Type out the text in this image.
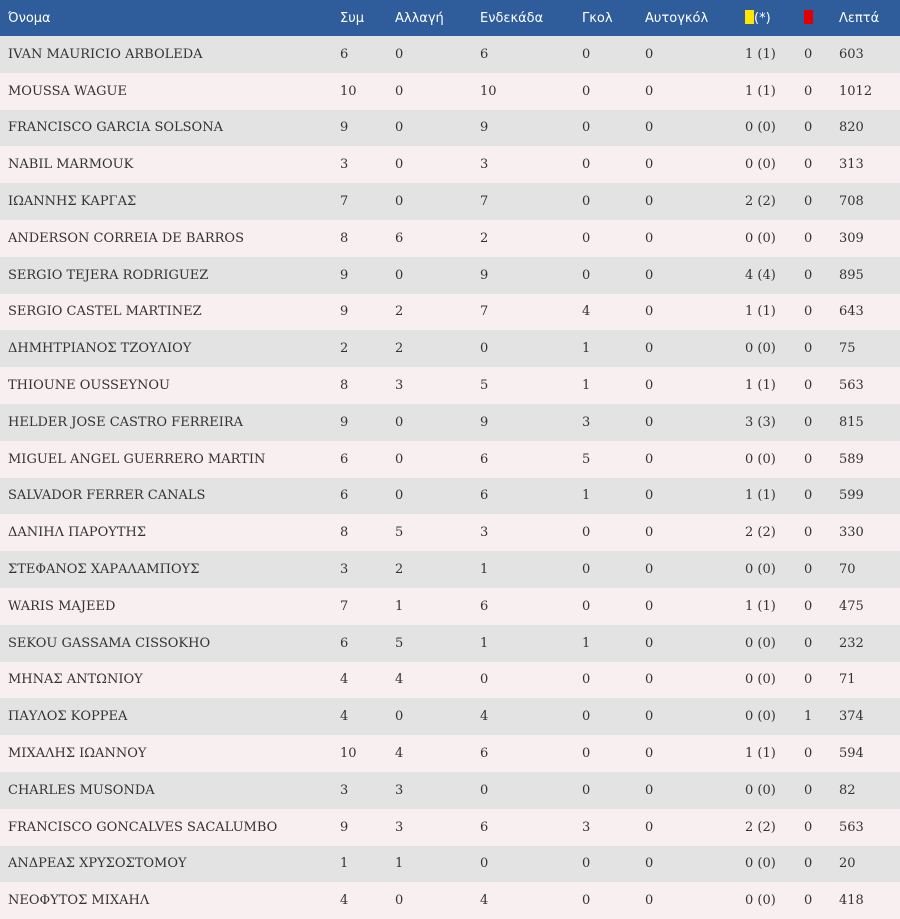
Όνομα	Συμ	Αλλαγή	Ενδεκάδα	Γκολ	Αυτογκόλ	(*)		Λεπτά
IVAN MAURICIO ARBOLEDA	6	0	6	0	0	1 (1)	0	603
MOUSSA WAGUE	10	0	10	0	0	1 (1)	0	1012
FRANCISCO GARCIA SOLSONA	9	0	9	0	0	0 (0)	0	820
NABIL MARMOUK	3	0	3	0	0	0 (0)	0	313
ΙΩΑΝΝΗΣ ΚΑΡΓΑΣ	7	0	7	0	0	2 (2)	0	708
ANDERSON CORREIA DE BARROS	8	6	2	0	0	0 (0)	0	309
SERGIO TEJERA RODRIGUEZ	9	0	9	0	0	4 (4)	0	895
SERGIO CASTEL MARTINEZ	9	2	7	4	0	1 (1)	0	643
ΔΗΜΗΤΡΙΑΝΟΣ ΤΖΟΥΛΙΟΥ	2	2	0	1	0	0 (0)	0	75
THIOUNE OUSSEYNOU	8	3	5	1	0	1 (1)	0	563
HELDER JOSE CASTRO FERREIRA	9	0	9	3	0	3 (3)	0	815
MIGUEL ANGEL GUERRERO MARTIN	6	0	6	5	0	0 (0)	0	589
SALVADOR FERRER CANALS	6	0	6	1	0	1 (1)	0	599
ΔΑΝΙΗΛ ΠΑΡΟΥΤΗΣ	8	5	3	0	0	2 (2)	0	330
ΣΤΕΦΑΝΟΣ ΧΑΡΑΛΑΜΠΟΥΣ	3	2	1	0	0	0 (0)	0	70
WARIS MAJEED	7	1	6	0	0	1 (1)	0	475
SEKOU GASSAMA CISSOKHO	6	5	1	1	0	0 (0)	0	232
ΜΗΝΑΣ ΑΝΤΩΝΙΟΥ	4	4	0	0	0	0 (0)	0	71
ΠΑΥΛΟΣ ΚΟΡΡΕΑ	4	0	4	0	0	0 (0)	1	374
ΜΙΧΑΛΗΣ ΙΩΑΝΝΟΥ	10	4	6	0	0	1 (1)	0	594
CHARLES MUSONDA	3	3	0	0	0	0 (0)	0	82
FRANCISCO GONCALVES SACALUMBO	9	3	6	3	0	2 (2)	0	563
ΑΝΔΡΕΑΣ ΧΡΥΣΟΣΤΟΜΟΥ	1	1	0	0	0	0 (0)	0	20
ΝΕΟΦΥΤΟΣ ΜΙΧΑΗΛ	4	0	4	0	0	0 (0)	0	418
